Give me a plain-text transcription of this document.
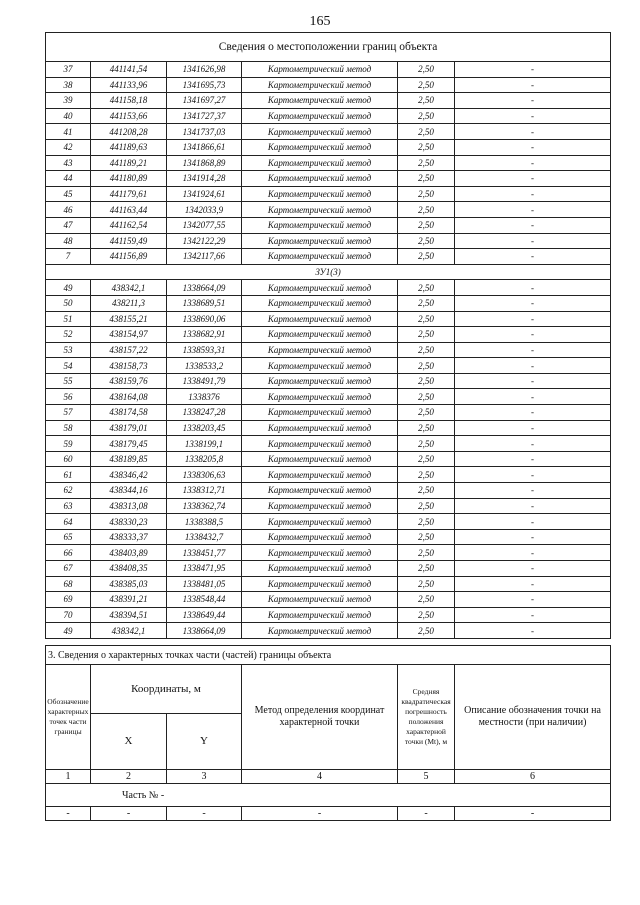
165
Сведения о местоположении границ объекта					
37	441141,54	1341626,98	Картометрический метод	2,50	-
38	441133,96	1341695,73	Картометрический метод	2,50	-
39	441158,18	1341697,27	Картометрический метод	2,50	-
40	441153,66	1341727,37	Картометрический метод	2,50	-
41	441208,28	1341737,03	Картометрический метод	2,50	-
42	441189,63	1341866,61	Картометрический метод	2,50	-
43	441189,21	1341868,89	Картометрический метод	2,50	-
44	441180,89	1341914,28	Картометрический метод	2,50	-
45	441179,61	1341924,61	Картометрический метод	2,50	-
46	441163,44	1342033,9	Картометрический метод	2,50	-
47	441162,54	1342077,55	Картометрический метод	2,50	-
48	441159,49	1342122,29	Картометрический метод	2,50	-
7	441156,89	1342117,66	Картометрический метод	2,50	-
ЗУ1(3)					
49	438342,1	1338664,09	Картометрический метод	2,50	-
50	438211,3	1338689,51	Картометрический метод	2,50	-
51	438155,21	1338690,06	Картометрический метод	2,50	-
52	438154,97	1338682,91	Картометрический метод	2,50	-
53	438157,22	1338593,31	Картометрический метод	2,50	-
54	438158,73	1338533,2	Картометрический метод	2,50	-
55	438159,76	1338491,79	Картометрический метод	2,50	-
56	438164,08	1338376	Картометрический метод	2,50	-
57	438174,58	1338247,28	Картометрический метод	2,50	-
58	438179,01	1338203,45	Картометрический метод	2,50	-
59	438179,45	1338199,1	Картометрический метод	2,50	-
60	438189,85	1338205,8	Картометрический метод	2,50	-
61	438346,42	1338306,63	Картометрический метод	2,50	-
62	438344,16	1338312,71	Картометрический метод	2,50	-
63	438313,08	1338362,74	Картометрический метод	2,50	-
64	438330,23	1338388,5	Картометрический метод	2,50	-
65	438333,37	1338432,7	Картометрический метод	2,50	-
66	438403,89	1338451,77	Картометрический метод	2,50	-
67	438408,35	1338471,95	Картометрический метод	2,50	-
68	438385,03	1338481,05	Картометрический метод	2,50	-
69	438391,21	1338548,44	Картометрический метод	2,50	-
70	438394,51	1338649,44	Картометрический метод	2,50	-
49	438342,1	1338664,09	Картометрический метод	2,50	-
3. Сведения о характерных точках части (частей) границы объекта					
Обозначение характерных точек части границы	Координаты, м		Метод определения координат характерной точки	Средняя квадратическая погрешность положения характерной точки (Mt), м	Описание обозначения точки на местности (при наличии)
	X	Y			
1	2	3	4	5	6
Часть № -					
-	-	-	-	-	-
